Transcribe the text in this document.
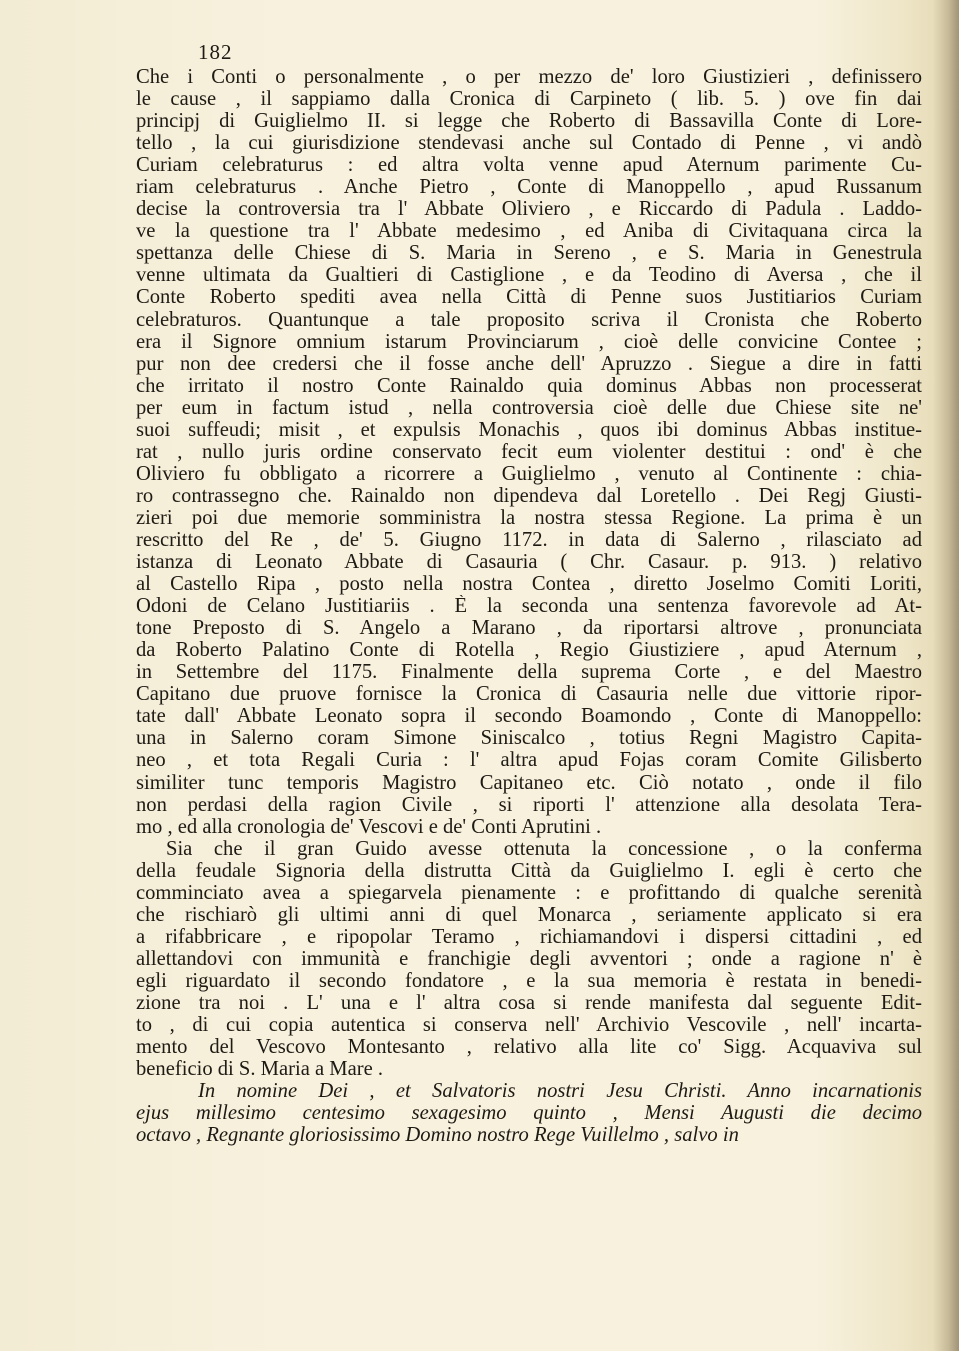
182
Che i Conti o personalmente , o per mezzo de' loro Giustizieri , definissero
le cause , il sappiamo dalla Cronica di Carpineto ( lib. 5. ) ove fin dai
principj di Guiglielmo II. si legge che Roberto di Bassavilla Conte di Lore-
tello , la cui giurisdizione stendevasi anche sul Contado di Penne , vi andò
Curiam celebraturus : ed altra volta venne apud Aternum parimente Cu-
riam celebraturus . Anche Pietro , Conte di Manoppello , apud Russanum
decise la controversia tra l' Abbate Oliviero , e Riccardo di Padula . Laddo-
ve la questione tra l' Abbate medesimo , ed Aniba di Civitaquana circa la
spettanza delle Chiese di S. Maria in Sereno , e S. Maria in Genestrula
venne ultimata da Gualtieri di Castiglione , e da Teodino di Aversa , che il
Conte Roberto spediti avea nella Città di Penne suos Justitiarios Curiam
celebraturos. Quantunque a tale proposito scriva il Cronista che Roberto
era il Signore omnium istarum Provinciarum , cioè delle convicine Contee ;
pur non dee credersi che il fosse anche dell' Apruzzo . Siegue a dire in fatti
che irritato il nostro Conte Rainaldo quia dominus Abbas non processerat
per eum in factum istud , nella controversia cioè delle due Chiese site ne'
suoi suffeudi; misit , et expulsis Monachis , quos ibi dominus Abbas institue-
rat , nullo juris ordine conservato fecit eum violenter destitui : ond' è che
Oliviero fu obbligato a ricorrere a Guiglielmo , venuto al Continente : chia-
ro contrassegno che. Rainaldo non dipendeva dal Loretello . Dei Regj Giusti-
zieri poi due memorie somministra la nostra stessa Regione. La prima è un
rescritto del Re , de' 5. Giugno 1172. in data di Salerno , rilasciato ad
istanza di Leonato Abbate di Casauria ( Chr. Casaur. p. 913. ) relativo
al Castello Ripa , posto nella nostra Contea , diretto Joselmo Comiti Loriti,
Odoni de Celano Justitiariis . È la seconda una sentenza favorevole ad At-
tone Preposto di S. Angelo a Marano , da riportarsi altrove , pronunciata
da Roberto Palatino Conte di Rotella , Regio Giustiziere , apud Aternum ,
in Settembre del 1175. Finalmente della suprema Corte , e del Maestro
Capitano due pruove fornisce la Cronica di Casauria nelle due vittorie ripor-
tate dall' Abbate Leonato sopra il secondo Boamondo , Conte di Manoppello:
una in Salerno coram Simone Siniscalco , totius Regni Magistro Capita-
neo , et tota Regali Curia : l' altra apud Fojas coram Comite Gilisberto
similiter tunc temporis Magistro Capitaneo etc. Ciò notato , onde il filo
non perdasi della ragion Civile , si riporti l' attenzione alla desolata Tera-
mo , ed alla cronologia de' Vescovi e de' Conti Aprutini .
Sia che il gran Guido avesse ottenuta la concessione , o la conferma
della feudale Signoria della distrutta Città da Guiglielmo I. egli è certo che
comminciato avea a spiegarvela pienamente : e profittando di qualche serenità
che rischiarò gli ultimi anni di quel Monarca , seriamente applicato si era
a rifabbricare , e ripopolar Teramo , richiamandovi i dispersi cittadini , ed
allettandovi con immunità e franchigie degli avventori ; onde a ragione n' è
egli riguardato il secondo fondatore , e la sua memoria è restata in benedi-
zione tra noi . L' una e l' altra cosa si rende manifesta dal seguente Edit-
to , di cui copia autentica si conserva nell' Archivio Vescovile , nell' incarta-
mento del Vescovo Montesanto , relativo alla lite co' Sigg. Acquaviva sul
beneficio di S. Maria a Mare .
In nomine Dei , et Salvatoris nostri Jesu Christi. Anno incarnationis
ejus millesimo centesimo sexagesimo quinto , Mensi Augusti die decimo
octavo , Regnante gloriosissimo Domino nostro Rege Vuillelmo , salvo in
